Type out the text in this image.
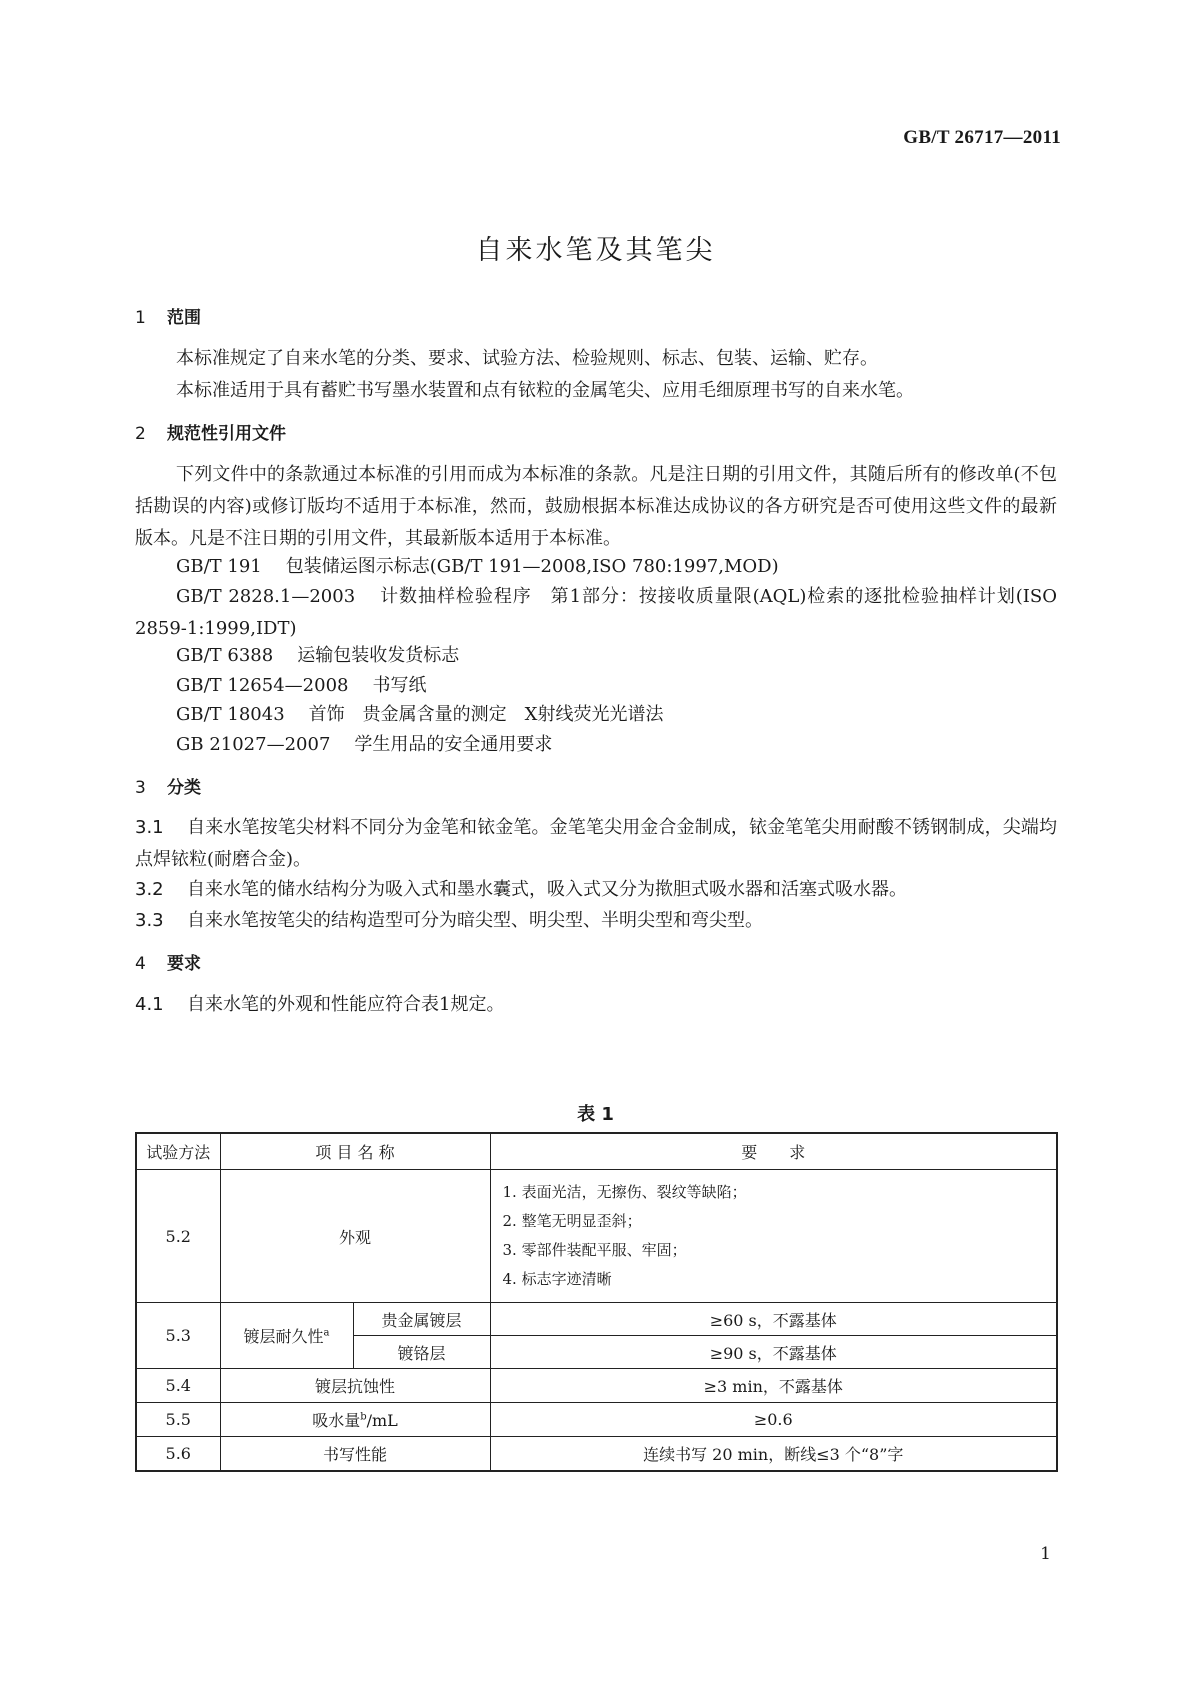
GB/T 26717—2011
自来水笔及其笔尖
1 范围
本标准规定了自来水笔的分类、要求、试验方法、检验规则、标志、包装、运输、贮存。
本标准适用于具有蓄贮书写墨水装置和点有铱粒的金属笔尖、应用毛细原理书写的自来水笔。
2 规范性引用文件
下列文件中的条款通过本标准的引用而成为本标准的条款。凡是注日期的引用文件，其随后所有的修改单(不包括勘误的内容)或修订版均不适用于本标准，然而，鼓励根据本标准达成协议的各方研究是否可使用这些文件的最新版本。凡是不注日期的引用文件，其最新版本适用于本标准。
GB/T 191 包装储运图示标志(GB/T 191—2008,ISO 780:1997,MOD)
GB/T 2828.1—2003 计数抽样检验程序　第1部分：按接收质量限(AQL)检索的逐批检验抽样计划(ISO 2859-1:1999,IDT)
GB/T 6388 运输包装收发货标志
GB/T 12654—2008 书写纸
GB/T 18043 首饰　贵金属含量的测定　X射线荧光光谱法
GB 21027—2007 学生用品的安全通用要求
3 分类
3.1 自来水笔按笔尖材料不同分为金笔和铱金笔。金笔笔尖用金合金制成，铱金笔笔尖用耐酸不锈钢制成，尖端均点焊铱粒(耐磨合金)。
3.2 自来水笔的储水结构分为吸入式和墨水囊式，吸入式又分为揿胆式吸水器和活塞式吸水器。
3.3 自来水笔按笔尖的结构造型可分为暗尖型、明尖型、半明尖型和弯尖型。
4 要求
4.1 自来水笔的外观和性能应符合表1规定。
表 1
试验方法	项 目 名 称		要　　求
5.2	外观		1. 表面光洁，无擦伤、裂纹等缺陷；
2. 整笔无明显歪斜；
3. 零部件装配平服、牢固；
4. 标志字迹清晰

5.3	镀层耐久性$^a$	贵金属镀层	≥60 s，不露基体
		镀铬层	≥90 s，不露基体
5.4	镀层抗蚀性		≥3 min，不露基体
5.5	吸水量$^b$/mL		≥0.6
5.6	书写性能		连续书写 20 min，断线≤3 个“8”字
1
